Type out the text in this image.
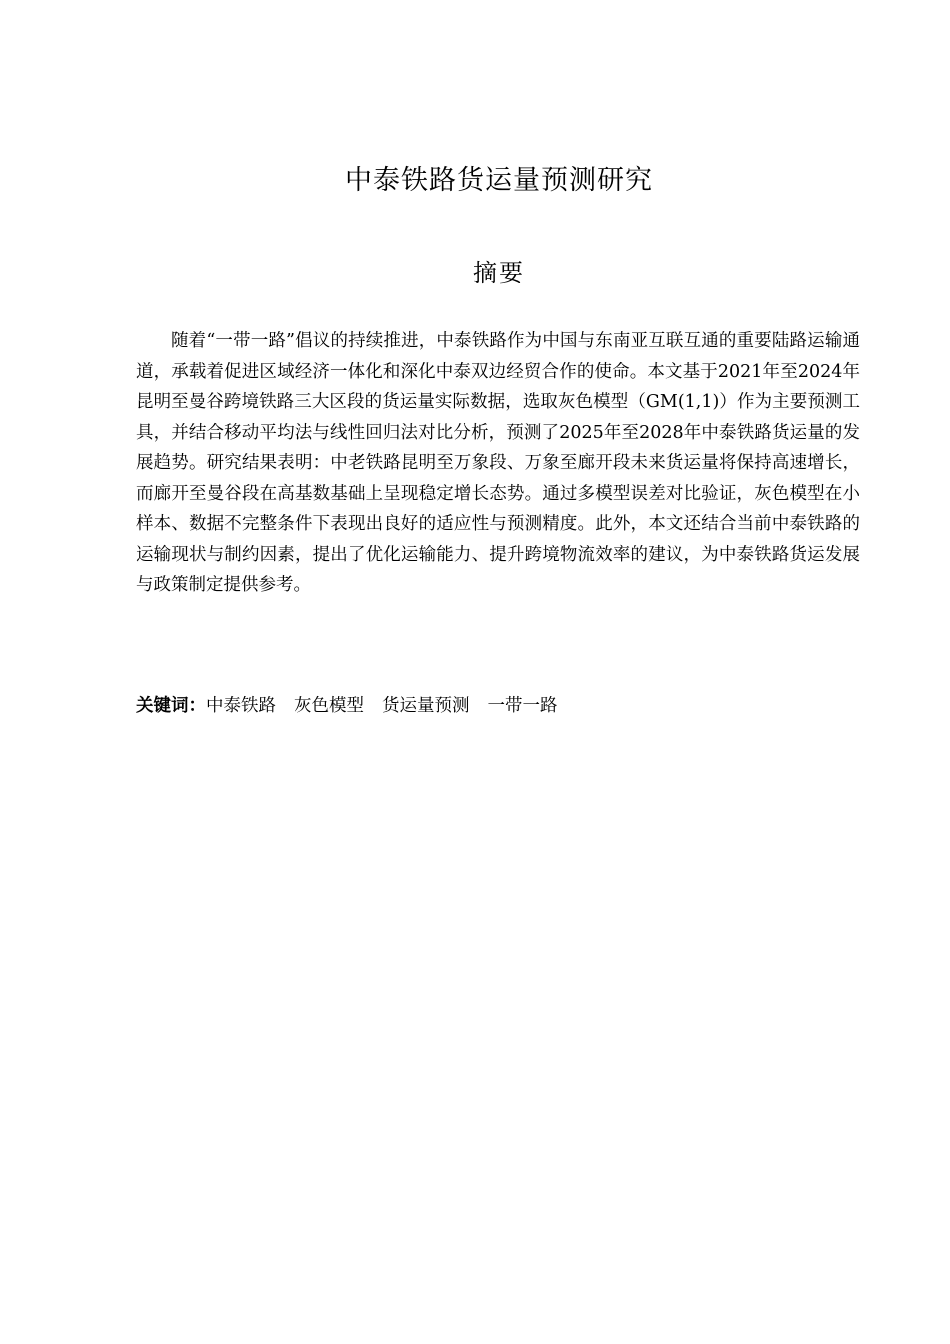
中泰铁路货运量预测研究
摘要
随着“一带一路”倡议的持续推进，中泰铁路作为中国与东南亚互联互通的重要陆路运输通道，承载着促进区域经济一体化和深化中泰双边经贸合作的使命。本文基于2021年至2024年昆明至曼谷跨境铁路三大区段的货运量实际数据，选取灰色模型（GM(1,1)）作为主要预测工具，并结合移动平均法与线性回归法对比分析，预测了2025年至2028年中泰铁路货运量的发展趋势。研究结果表明：中老铁路昆明至万象段、万象至廊开段未来货运量将保持高速增长，而廊开至曼谷段在高基数基础上呈现稳定增长态势。通过多模型误差对比验证，灰色模型在小样本、数据不完整条件下表现出良好的适应性与预测精度。此外，本文还结合当前中泰铁路的运输现状与制约因素，提出了优化运输能力、提升跨境物流效率的建议，为中泰铁路货运发展与政策制定提供参考。
关键词：中泰铁路 灰色模型 货运量预测 一带一路
